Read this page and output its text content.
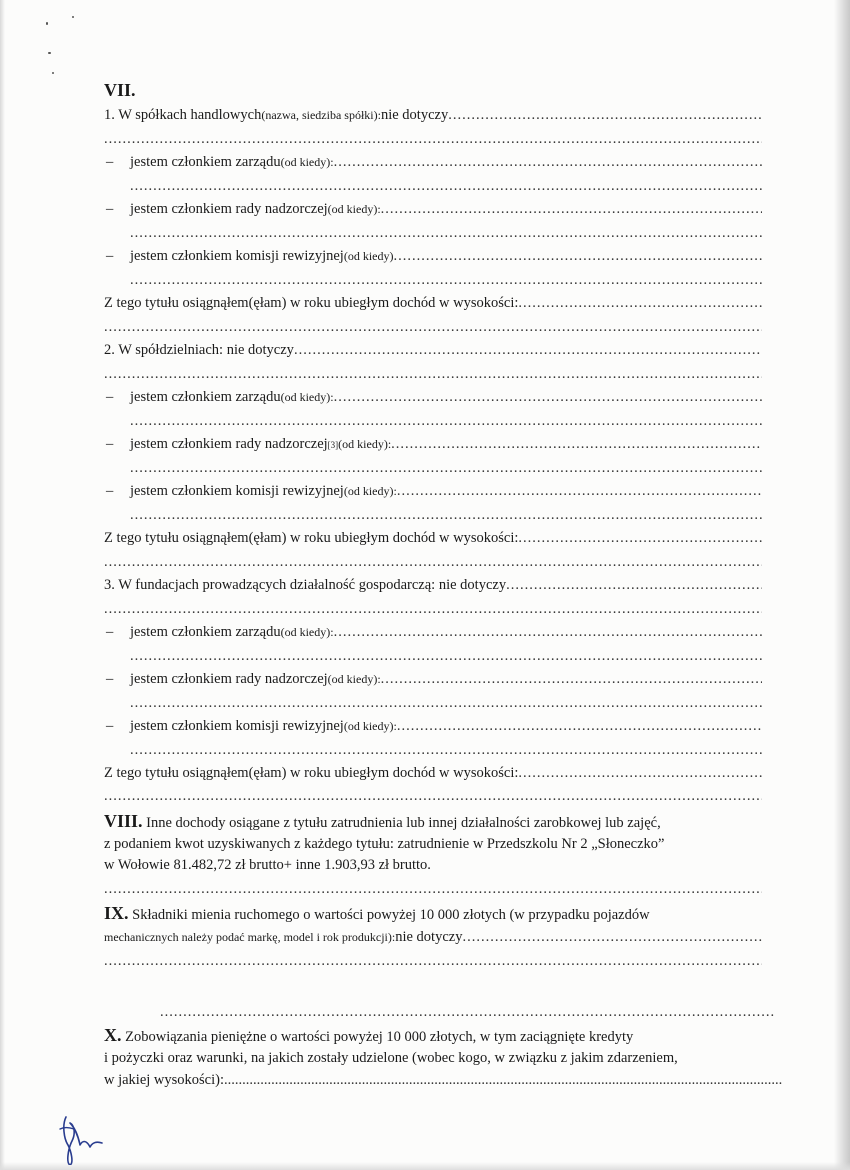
VII.
1. W spółkach handlowych (nazwa, siedziba spółki): nie dotyczy
.....
.....
–	jestem członkiem zarządu (od kiedy):
.....
.....
–	jestem członkiem rady nadzorczej (od kiedy):
.....
.....
–	jestem członkiem komisji rewizyjnej (od kiedy)
.....
.....
Z tego tytułu osiągnąłem(ęłam) w roku ubiegłym dochód w wysokości:
.....
.....
2. W spółdzielniach: nie dotyczy
.....
.....
–	jestem członkiem zarządu (od kiedy):
.....
.....
–	jestem członkiem rady nadzorczej [3] (od kiedy):
.....
.....
–	jestem członkiem komisji rewizyjnej (od kiedy):
.....
.....
Z tego tytułu osiągnąłem(ęłam) w roku ubiegłym dochód w wysokości:
.....
.....
3. W fundacjach prowadzących działalność gospodarczą: nie dotyczy
.....
.....
–	jestem członkiem zarządu (od kiedy):
.....
.....
–	jestem członkiem rady nadzorczej (od kiedy):
.....
.....
–	jestem członkiem komisji rewizyjnej (od kiedy):
.....
.....
Z tego tytułu osiągnąłem(ęłam) w roku ubiegłym dochód w wysokości:
.....
.....
VIII. Inne dochody osiągane z tytułu zatrudnienia lub innej działalności zarobkowej lub zajęć,
z podaniem kwot uzyskiwanych z każdego tytułu: zatrudnienie w Przedszkolu Nr 2 „Słoneczko”
w Wołowie 81.482,72 zł brutto+ inne 1.903,93 zł brutto.
.....
IX. Składniki mienia ruchomego o wartości powyżej 10 000 złotych (w przypadku pojazdów
mechanicznych należy podać markę, model i rok produkcji): nie dotyczy
.....
.....
.....
X. Zobowiązania pieniężne o wartości powyżej 10 000 złotych, w tym zaciągnięte kredyty
i pożyczki oraz warunki, na jakich zostały udzielone (wobec kogo, w związku z jakim zdarzeniem,
w jakiej wysokości):
.....
